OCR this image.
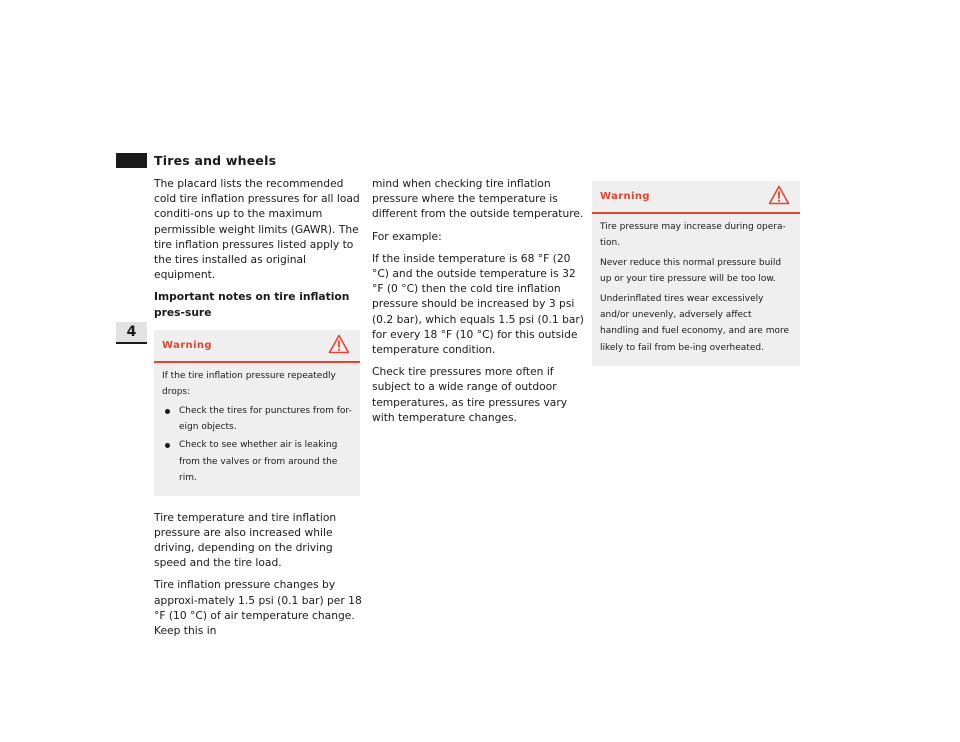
Tires and wheels
4

The placard lists the recommended cold tire inflation pressures for all load conditi-ons up to the maximum permissible weight limits (GAWR). The tire inflation pressures listed apply to the tires installed as original equipment.

Important notes on tire inflation pres-sure

Warning

If the tire inflation pressure repeatedly drops:

Check the tires for punctures from for-eign objects.
Check to see whether air is leaking from the valves or from around the rim.

Tire temperature and tire inflation pressure are also increased while driving, depending on the driving speed and the tire load.

Tire inflation pressure changes by approxi-mately 1.5 psi (0.1 bar) per 18 °F (10 °C) of air temperature change. Keep this in

mind when checking tire inflation pressure where the temperature is different from the outside temperature.

For example:

If the inside temperature is 68 °F (20 °C) and the outside temperature is 32 °F (0 °C) then the cold tire inflation pressure should be increased by 3 psi (0.2 bar), which equals 1.5 psi (0.1 bar) for every 18 °F (10 °C) for this outside temperature condition.

Check tire pressures more often if subject to a wide range of outdoor temperatures, as tire pressures vary with temperature changes.

Warning

Tire pressure may increase during opera-tion.

Never reduce this normal pressure build up or your tire pressure will be too low.

Underinflated tires wear excessively and/or unevenly, adversely affect handling and fuel economy, and are more likely to fail from be-ing overheated.
